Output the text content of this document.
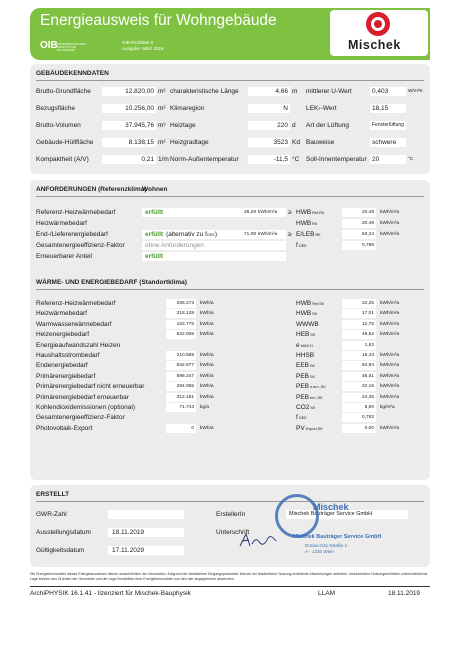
Energieausweis für Wohngebäude
OIB ÖSTERREICHISCHES INSTITUT FÜR BAUTECHNIK
OIB-Richtlinie 6
Ausgabe: März 2015	Mischek
GEBÄUDEKENNDATEN
Brutto-Grundfläche	12.820,00 m² charakteristische Länge	4,66 m mittlerer U-Wert	0,403	W/m²K
Bezugsfläche	10.256,00 m² Klimaregion	N	LEKT-Wert	18,15
Brutto-Volumen	37.945,76 m³ Heiztage	220 d Art der Lüftung	Fensterlüftung
Gebäude-Hüllfläche	8.138,15 m² Heizgradtage	3523 Kd Bauweise	schwere
Kompaktheit (A/V)	0,21 1/m Norm-Außentemperatur	-11,5 °C Soll-Innentemperatur 20	°C
ANFORDERUNGEN (Referenzklima)
Wohnen
Referenz-Heizwärmebedarf	erfüllt	26,29 kWh/m²a ≥ HWBRef,RK	20,49	kWh/m²a
Heizwärmebedarf	HWBRK	20,49	kWh/m²a
End-/Lieferenergiebedarf	erfüllt (alternativ zu fGEE)	71,08 kWh/m²a ≥ E/LEBRK	63,24	kWh/m²a
Gesamtenergieeffizienz-Faktor	ohne Anforderungen	fGEE	0,789
Erneuerbarer Anteil	erfüllt
WÄRME- UND ENERGIEBEDARF (Standortklima)
Referenz-Heizwärmebedarf	265.273	kWh/a	HWBRef,SK	22,25	kWh/m²a
Heizwärmebedarf	218.128	kWh/a	HWBSK	17,01	kWh/m²a
Warmwasserwärmebedarf	163.775	kWh/a	WWWB	12,78	kWh/m²a
Heizenergiebedarf	622.008	kWh/a	HEBSK	48,52	kWh/m²a
Energieaufwandszahl Heizen	eAWZ,H	1,63
Haushaltsstrombedarf	210.569	kWh/a	HHSB	16,43	kWh/m²a
Endenergiebedarf	832.577	kWh/a	EEBSK	64,94	kWh/m²a
Primärenergiebedarf	596.247	kWh/a	PEBSK	46,51	kWh/m²a
Primärenergiebedarf nicht erneuerbar	284.065	kWh/a	PEBn.ern.,SK	22,16	kWh/m²a
Primärenergiebedarf erneuerbar	312.181	kWh/a	PEBern.,SK	24,35	kWh/m²a
Kohlendioxidemissionen (optional)	71.743	kg/a	CO2SK	5,60	kg/m²a
Gesamtenergieeffizienz-Faktor	fGEE	0,782
Photovoltaik-Export	0	kWh/a	PVExport,SK	0,00	kWh/m²a
ERSTELLT
GWR-Zahl
Ausstellungsdatum	18.11.2019
Gültigkeitsdatum	17.11.2029
ErstellerIn	Mischek Bauträger Service GmbH
Unterschrift
Mischek
Mischek Bauträger Service GmbH
Donau-City-Straße 1
A - 1220 Wien
Die Energiekennzahlen dieses Energieausweises dienen ausschließlich der Information. Aufgrund der idealisierten Eingangsparameter können bei tatsächlicher Nutzung erhebliche Abweichungen auftreten. Insbesondere Nutzungseinheiten unterschiedlicher Lage können aus Gründen der Geometrie und der Lage hinsichtlich ihrer Energiekennzahlen von den hier angegebenen abweichen.
ArchiPHYSIK 16.1.41 - lizenziert für Mischek-Bauphysik	LLAM	18.11.2019
